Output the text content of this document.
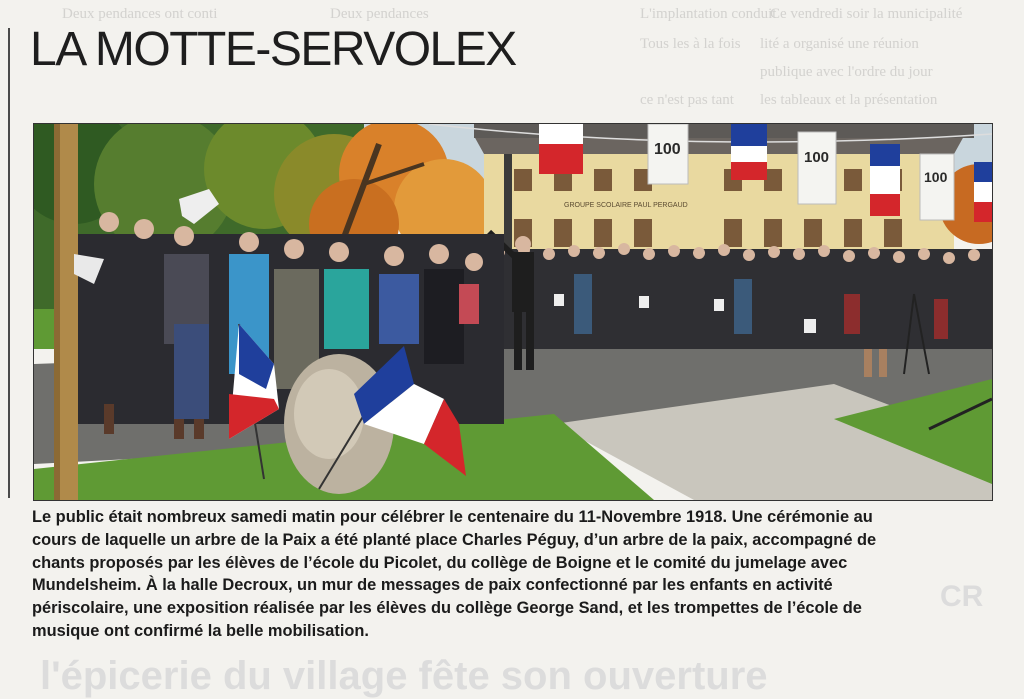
Deux pendances ont conti	Deux pendances	L'implantation conduit
Ce vendredi soir la municipalité
Tous les à la fois lité a organisé une réunion
publique avec l'ordre du jour
les tableaux et la présentation
ce n'est pas tant
l'épicerie du village fête son ouverture
CR
LA MOTTE-SERVOLEX
GROUPE SCOLAIRE PAUL PERGAUD
100	100
100

Le public était nombreux samedi matin pour célébrer le centenaire du 11-Novembre 1918. Une cérémonie au
cours de laquelle un arbre de la Paix a été planté place Charles Péguy, d’un arbre de la paix, accompagné de
chants proposés par les élèves de l’école du Picolet, du collège de Boigne et le comité du jumelage avec
Mundelsheim. À la halle Decroux, un mur de messages de paix confectionné par les enfants en activité
périscolaire, une exposition réalisée par les élèves du collège George Sand, et les trompettes de l’école de
musique ont confirmé la belle mobilisation.
